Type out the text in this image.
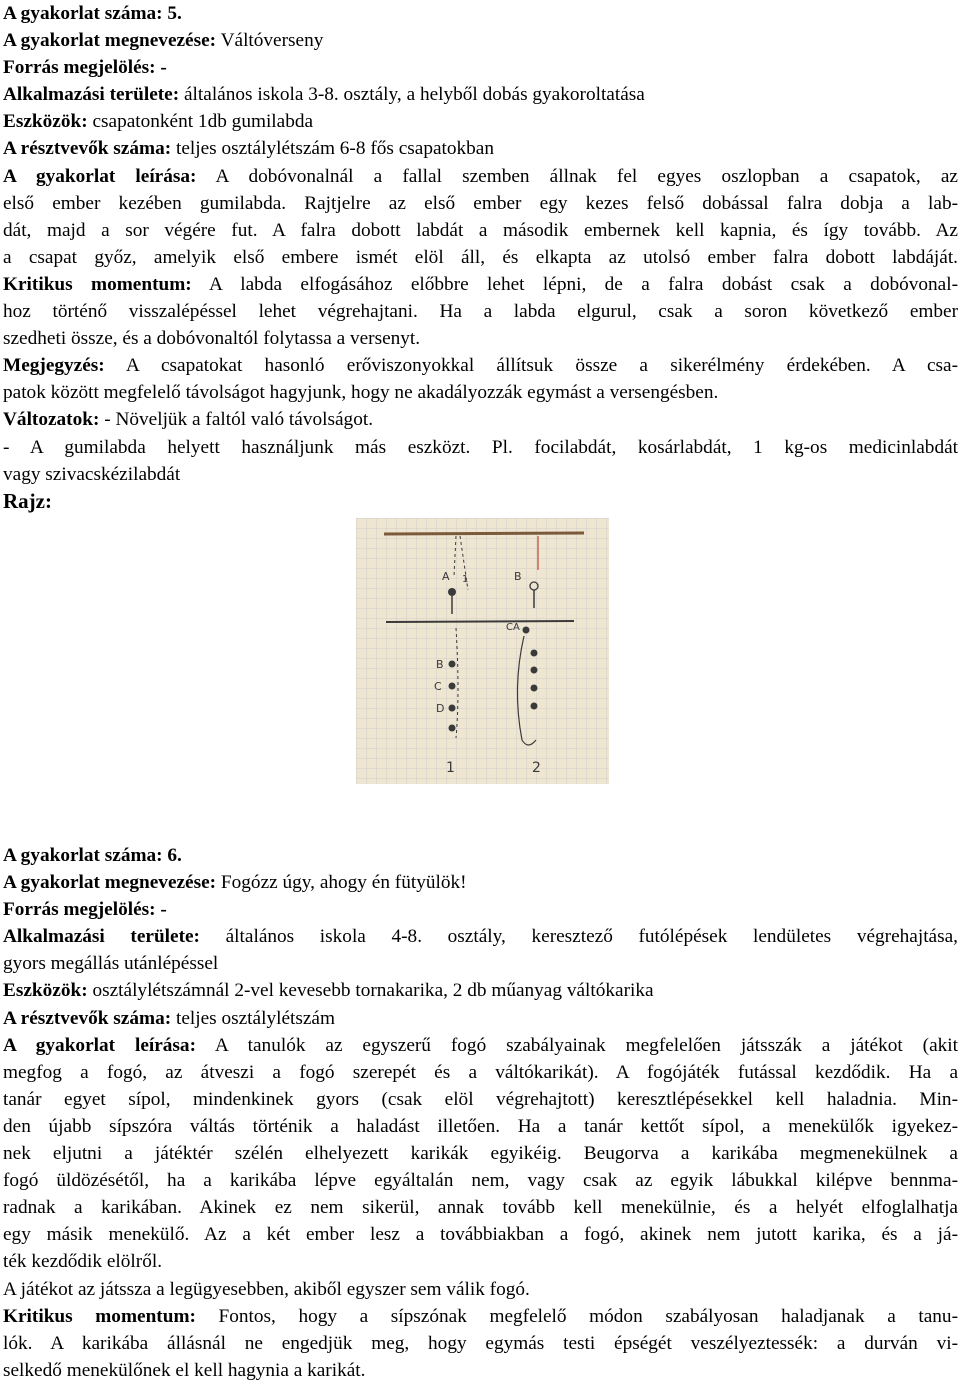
A gyakorlat száma: 5.
A gyakorlat megnevezése: Váltóverseny
Forrás megjelölés: -
Alkalmazási területe: általános iskola 3-8. osztály, a helyből dobás gyakoroltatása
Eszközök: csapatonként 1db gumilabda
A résztvevők száma: teljes osztálylétszám 6-8 fős csapatokban
A gyakorlat leírása: A dobóvonalnál a fallal szemben állnak fel egyes oszlopban a csapatok, az
első ember kezében gumilabda. Rajtjelre az első ember egy kezes felső dobással falra dobja a lab-
dát, majd a sor végére fut. A falra dobott labdát a második embernek kell kapnia, és így tovább. Az
a csapat győz, amelyik első embere ismét elöl áll, és elkapta az utolsó ember falra dobott labdáját.
Kritikus momentum: A labda elfogásához előbbre lehet lépni, de a falra dobást csak a dobóvonal-
hoz történő visszalépéssel lehet végrehajtani. Ha a labda elgurul, csak a soron következő ember
szedheti össze, és a dobóvonaltól folytassa a versenyt.
Megjegyzés: A csapatokat hasonló erőviszonyokkal állítsuk össze a sikerélmény érdekében. A csa-
patok között megfelelő távolságot hagyjunk, hogy ne akadályozzák egymást a versengésben.
Változatok: - Növeljük a faltól való távolságot.
- A gumilabda helyett használjunk más eszközt. Pl. focilabdát, kosárlabdát, 1 kg-os medicinlabdát
vagy szivacskézilabdát
Rajz:
A 1	B
CA
B
C
D
1	2
A gyakorlat száma: 6.
A gyakorlat megnevezése: Fogózz úgy, ahogy én fütyülök!
Forrás megjelölés: -
Alkalmazási területe: általános iskola 4-8. osztály, keresztező futólépések lendületes végrehajtása,
gyors megállás utánlépéssel
Eszközök: osztálylétszámnál 2-vel kevesebb tornakarika, 2 db műanyag váltókarika
A résztvevők száma: teljes osztálylétszám
A gyakorlat leírása: A tanulók az egyszerű fogó szabályainak megfelelően játsszák a játékot (akit
megfog a fogó, az átveszi a fogó szerepét és a váltókarikát). A fogójáték futással kezdődik. Ha a
tanár egyet sípol, mindenkinek gyors (csak elöl végrehajtott) keresztlépésekkel kell haladnia. Min-
den újabb sípszóra váltás történik a haladást illetően. Ha a tanár kettőt sípol, a menekülők igyekez-
nek eljutni a játéktér szélén elhelyezett karikák egyikéig. Beugorva a karikába megmenekülnek a
fogó üldözésétől, ha a karikába lépve egyáltalán nem, vagy csak az egyik lábukkal kilépve bennma-
radnak a karikában. Akinek ez nem sikerül, annak tovább kell menekülnie, és a helyét elfoglalhatja
egy másik menekülő. Az a két ember lesz a továbbiakban a fogó, akinek nem jutott karika, és a já-
ték kezdődik elölről.
A játékot az játssza a legügyesebben, akiből egyszer sem válik fogó.
Kritikus momentum: Fontos, hogy a sípszónak megfelelő módon szabályosan haladjanak a tanu-
lók. A karikába állásnál ne engedjük meg, hogy egymás testi épségét veszélyeztessék: a durván vi-
selkedő menekülőnek el kell hagynia a karikát.
